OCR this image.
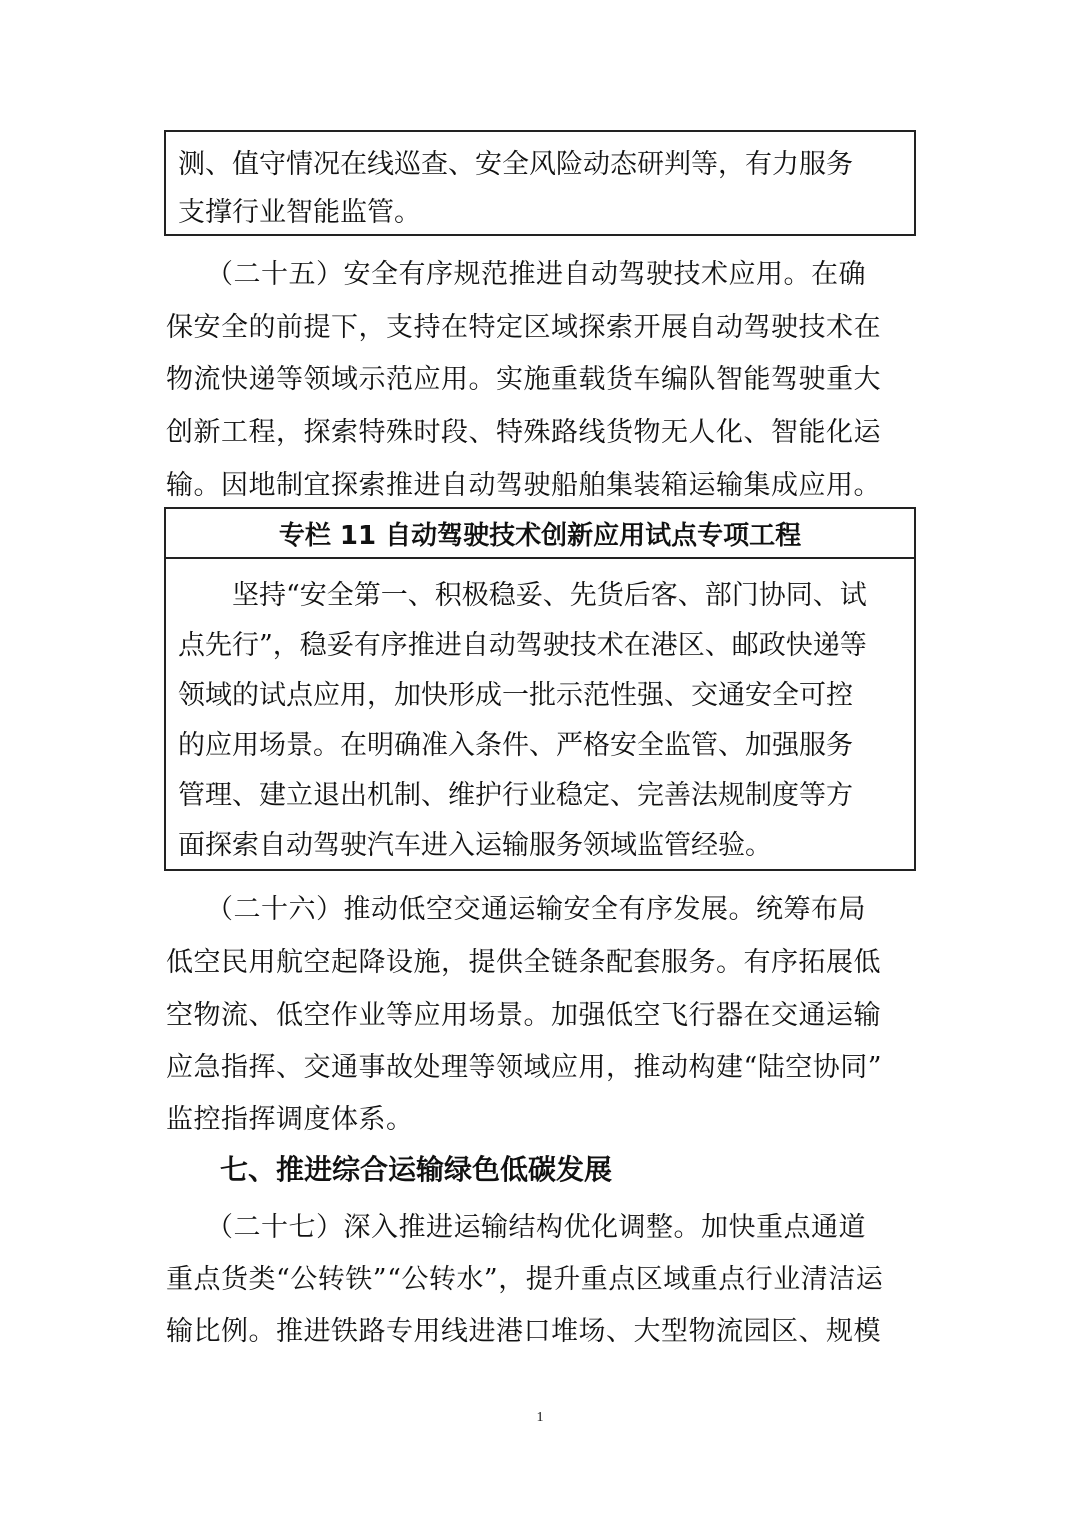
测、值守情况在线巡查、安全风险动态研判等，有力服务
支撑行业智能监管。
（二十五）安全有序规范推进自动驾驶技术应用。在确
保安全的前提下，支持在特定区域探索开展自动驾驶技术在
物流快递等领域示范应用。实施重载货车编队智能驾驶重大
创新工程，探索特殊时段、特殊路线货物无人化、智能化运
输。因地制宜探索推进自动驾驶船舶集装箱运输集成应用。
专栏 11 自动驾驶技术创新应用试点专项工程
坚持“安全第一、积极稳妥、先货后客、部门协同、试
点先行”，稳妥有序推进自动驾驶技术在港区、邮政快递等
领域的试点应用，加快形成一批示范性强、交通安全可控
的应用场景。在明确准入条件、严格安全监管、加强服务
管理、建立退出机制、维护行业稳定、完善法规制度等方
面探索自动驾驶汽车进入运输服务领域监管经验。
（二十六）推动低空交通运输安全有序发展。统筹布局
低空民用航空起降设施，提供全链条配套服务。有序拓展低
空物流、低空作业等应用场景。加强低空飞行器在交通运输
应急指挥、交通事故处理等领域应用，推动构建“陆空协同”
监控指挥调度体系。
七、推进综合运输绿色低碳发展
（二十七）深入推进运输结构优化调整。加快重点通道
重点货类“公转铁”“公转水”，提升重点区域重点行业清洁运
输比例。推进铁路专用线进港口堆场、大型物流园区、规模
1
